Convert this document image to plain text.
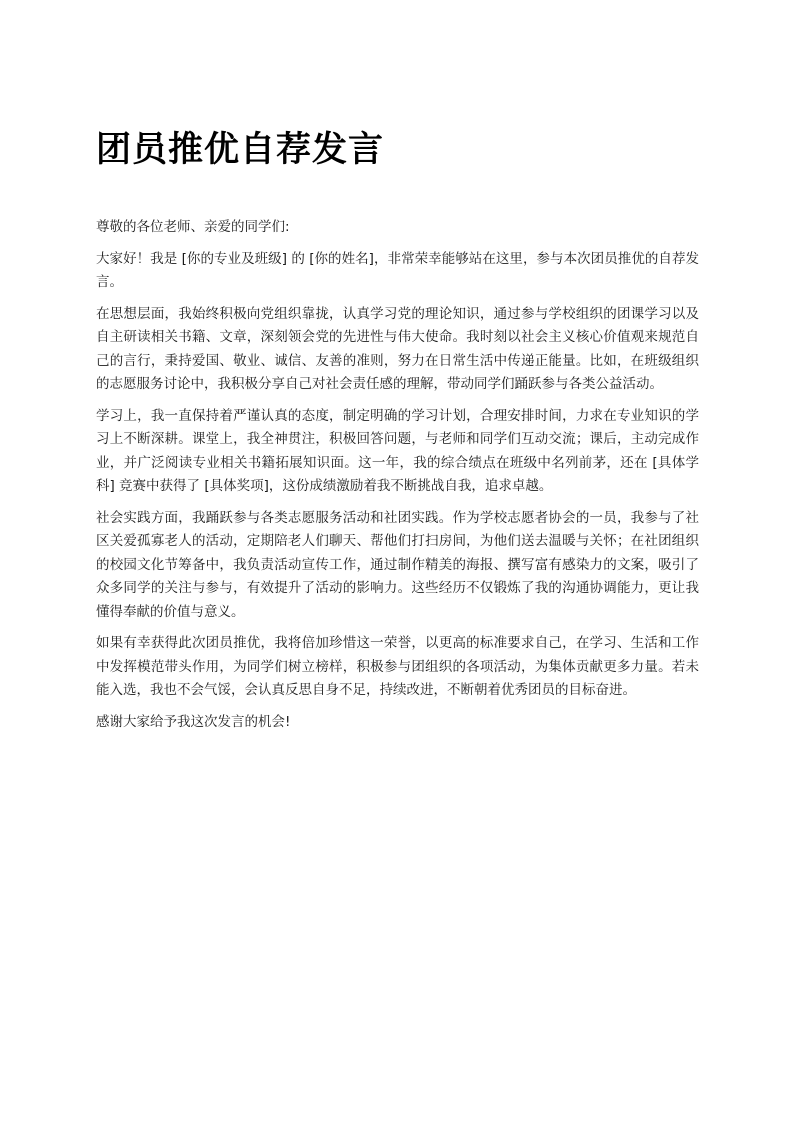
团员推优自荐发言

尊敬的各位老师、亲爱的同学们:

大家好！我是 [你的专业及班级] 的 [你的姓名]，非常荣幸能够站在这里，参与本次团员推优的自荐发言。

在思想层面，我始终积极向党组织靠拢，认真学习党的理论知识，通过参与学校组织的团课学习以及自主研读相关书籍、文章，深刻领会党的先进性与伟大使命。我时刻以社会主义核心价值观来规范自己的言行，秉持爱国、敬业、诚信、友善的准则，努力在日常生活中传递正能量。比如，在班级组织的志愿服务讨论中，我积极分享自己对社会责任感的理解，带动同学们踊跃参与各类公益活动。

学习上，我一直保持着严谨认真的态度，制定明确的学习计划，合理安排时间，力求在专业知识的学习上不断深耕。课堂上，我全神贯注，积极回答问题，与老师和同学们互动交流；课后，主动完成作业，并广泛阅读专业相关书籍拓展知识面。这一年，我的综合绩点在班级中名列前茅，还在 [具体学科] 竞赛中获得了 [具体奖项]，这份成绩激励着我不断挑战自我，追求卓越。

社会实践方面，我踊跃参与各类志愿服务活动和社团实践。作为学校志愿者协会的一员，我参与了社区关爱孤寡老人的活动，定期陪老人们聊天、帮他们打扫房间，为他们送去温暖与关怀；在社团组织的校园文化节筹备中，我负责活动宣传工作，通过制作精美的海报、撰写富有感染力的文案，吸引了众多同学的关注与参与，有效提升了活动的影响力。这些经历不仅锻炼了我的沟通协调能力，更让我懂得奉献的价值与意义。

如果有幸获得此次团员推优，我将倍加珍惜这一荣誉，以更高的标准要求自己，在学习、生活和工作中发挥模范带头作用，为同学们树立榜样，积极参与团组织的各项活动，为集体贡献更多力量。若未能入选，我也不会气馁，会认真反思自身不足，持续改进，不断朝着优秀团员的目标奋进。

感谢大家给予我这次发言的机会!
